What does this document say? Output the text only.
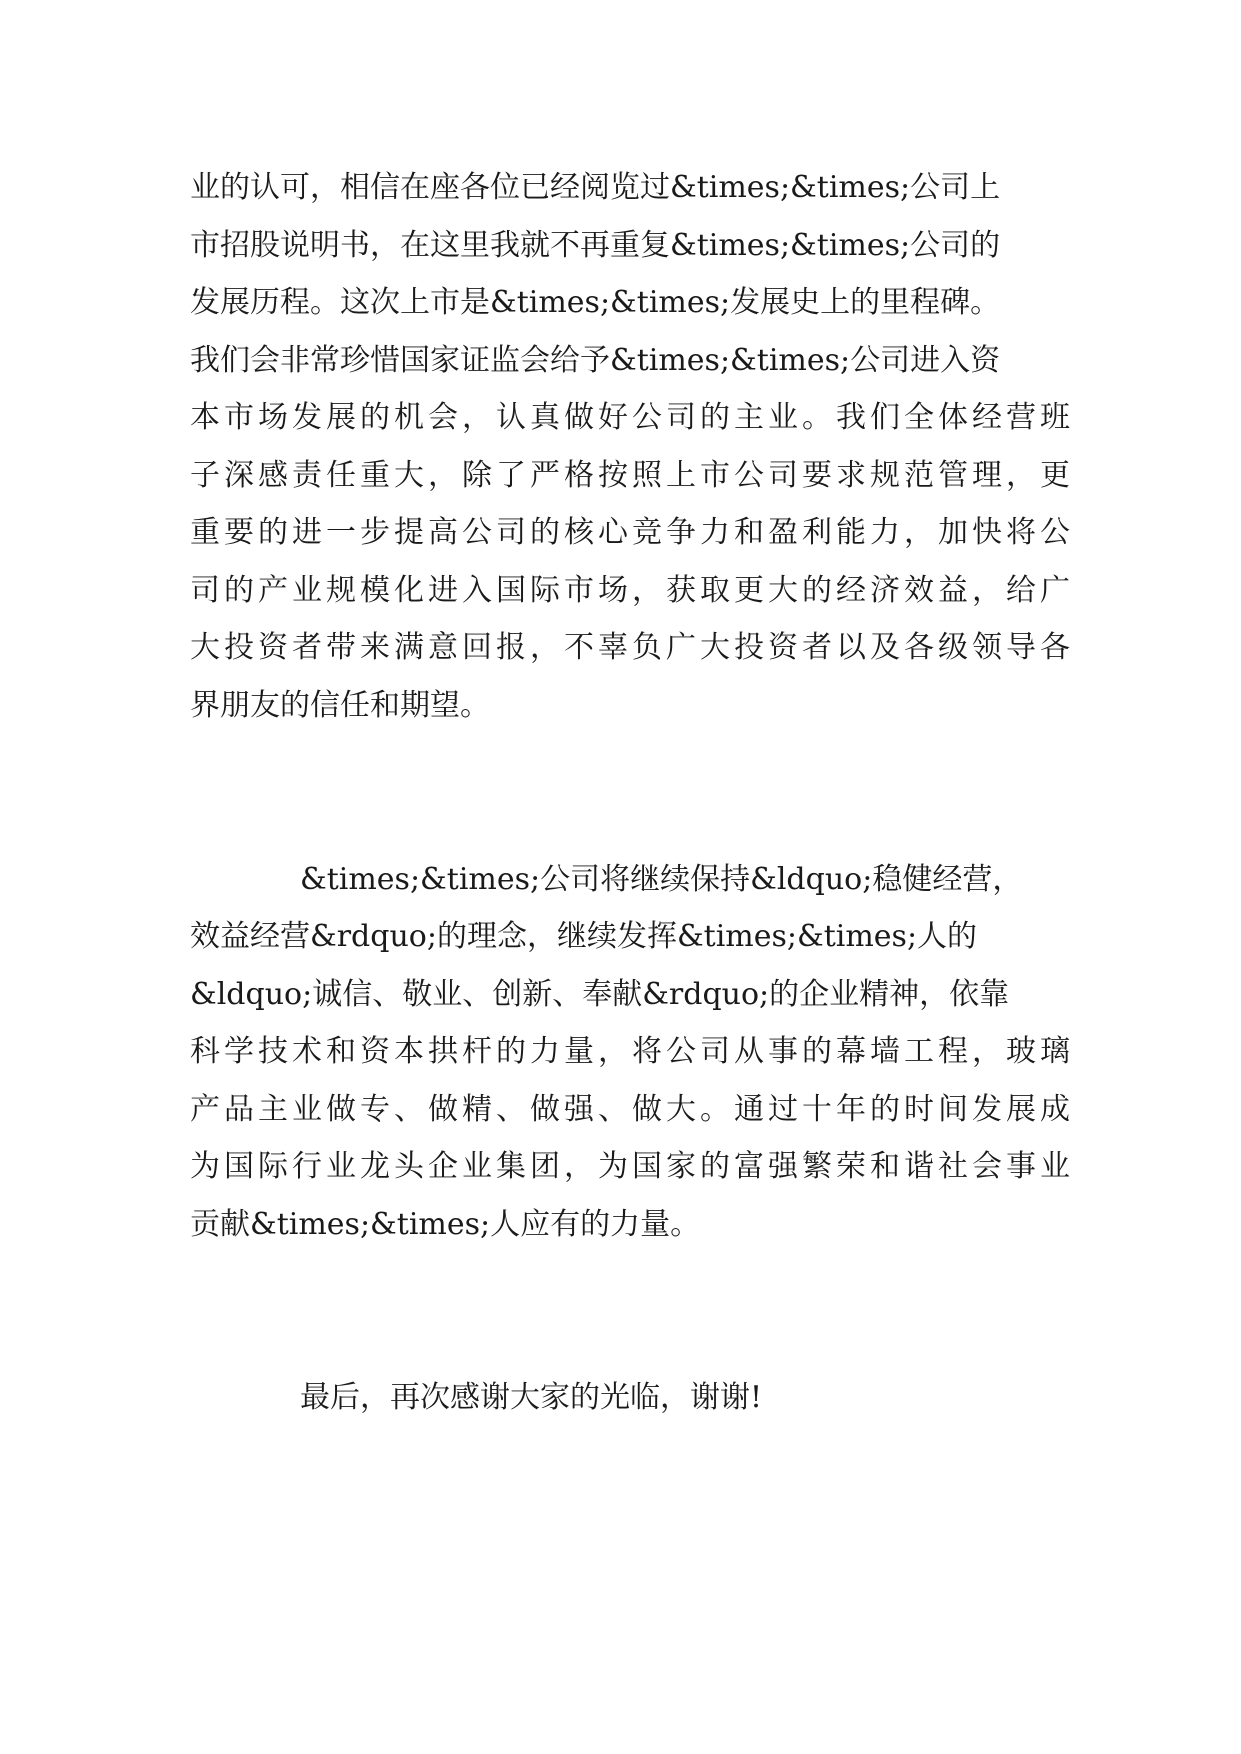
业的认可，相信在座各位已经阅览过&times;&times;公司上
市招股说明书，在这里我就不再重复&times;&times;公司的
发展历程。这次上市是&times;&times;发展史上的里程碑。
我们会非常珍惜国家证监会给予&times;&times;公司进入资
本市场发展的机会，认真做好公司的主业。我们全体经营班
子深感责任重大，除了严格按照上市公司要求规范管理，更
重要的进一步提高公司的核心竞争力和盈利能力，加快将公
司的产业规模化进入国际市场，获取更大的经济效益，给广
大投资者带来满意回报，不辜负广大投资者以及各级领导各
界朋友的信任和期望。
&times;&times;公司将继续保持&ldquo;稳健经营，
效益经营&rdquo;的理念，继续发挥&times;&times;人的
&ldquo;诚信、敬业、创新、奉献&rdquo;的企业精神，依靠
科学技术和资本拱杆的力量，将公司从事的幕墙工程，玻璃
产品主业做专、做精、做强、做大。通过十年的时间发展成
为国际行业龙头企业集团，为国家的富强繁荣和谐社会事业
贡献&times;&times;人应有的力量。
最后，再次感谢大家的光临，谢谢!
